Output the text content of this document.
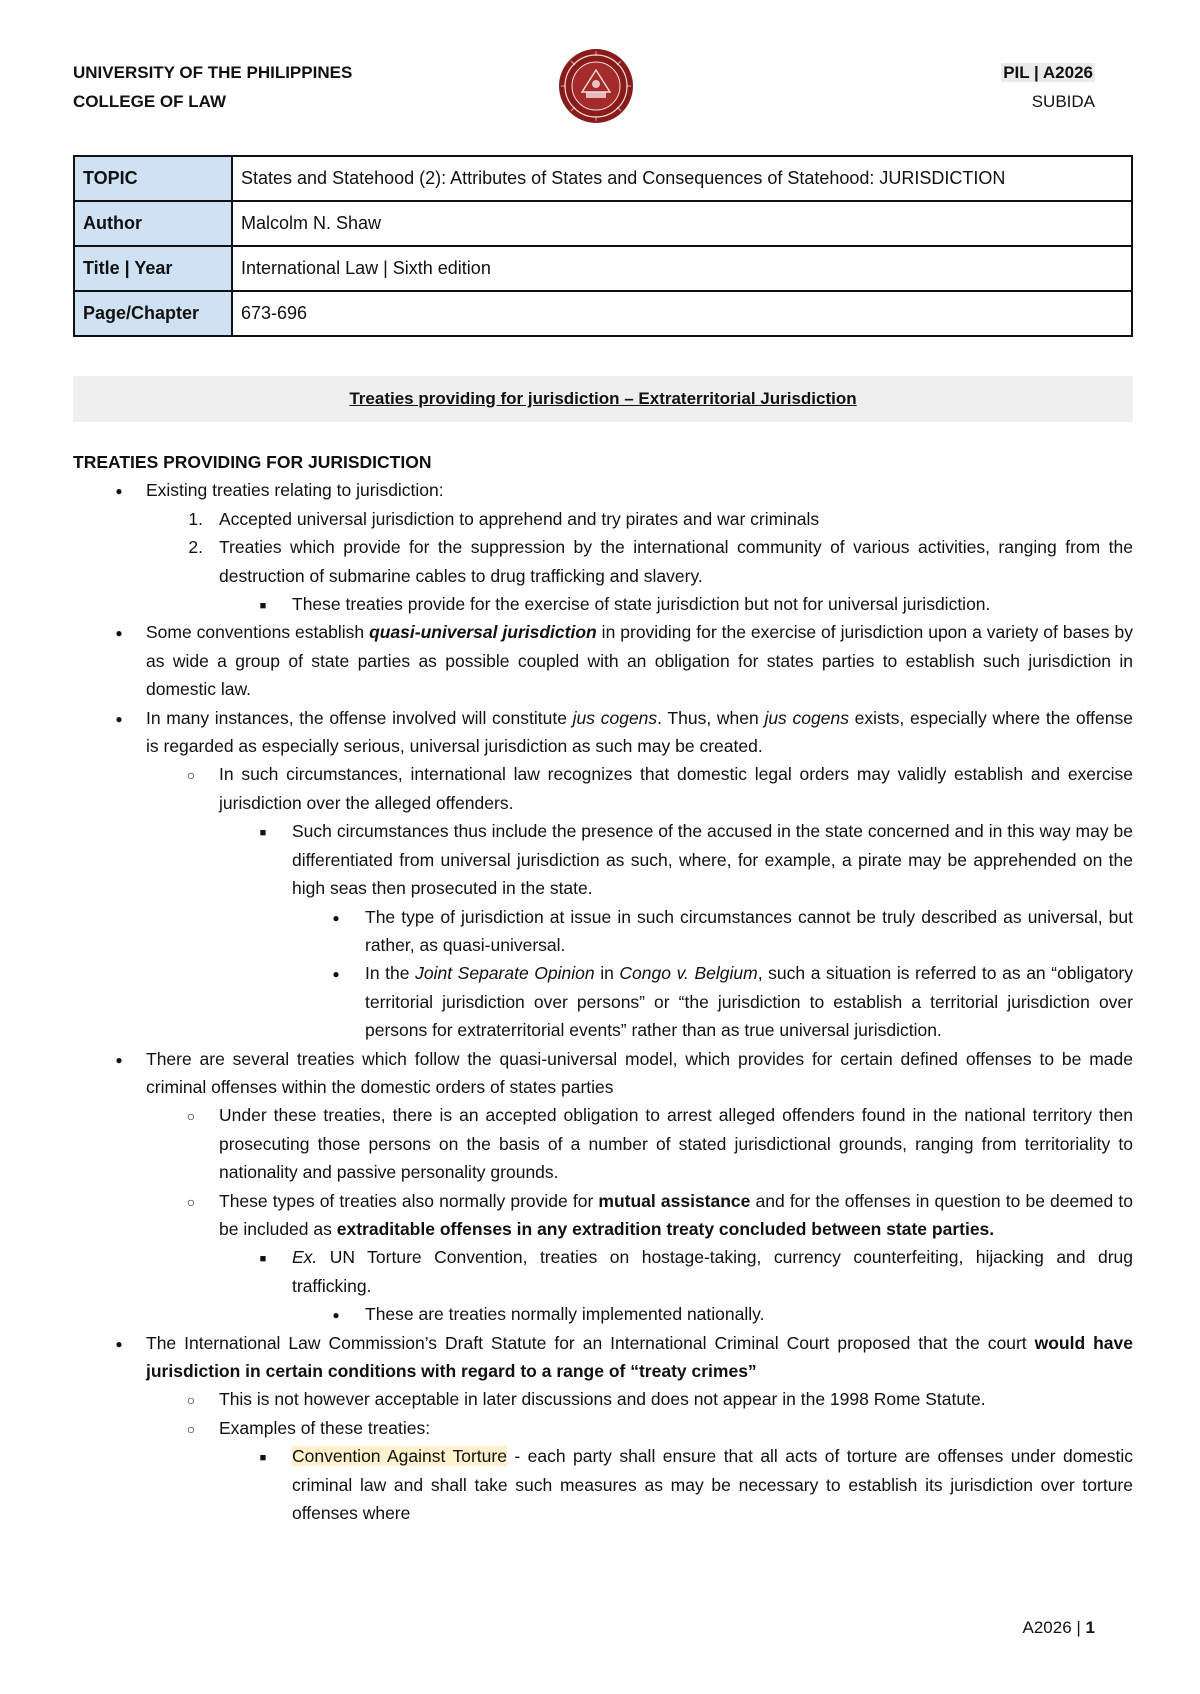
UNIVERSITY OF THE PHILIPPINES
COLLEGE OF LAW
PIL | A2026
SUBIDA
TOPIC	States and Statehood (2): Attributes of States and Consequences of Statehood: JURISDICTION
Author	Malcolm N. Shaw
Title | Year	International Law | Sixth edition
Page/Chapter	673-696
Treaties providing for jurisdiction – Extraterritorial Jurisdiction
TREATIES PROVIDING FOR JURISDICTION
●
Existing treaties relating to jurisdiction:
1. Accepted universal jurisdiction to apprehend and try pirates and war criminals
2. Treaties which provide for the suppression by the international community of various activities, ranging from the destruction of submarine cables to drug trafficking and slavery.
■
These treaties provide for the exercise of state jurisdiction but not for universal jurisdiction.
●
Some conventions establish quasi-universal jurisdiction in providing for the exercise of jurisdiction upon a variety of bases by as wide a group of state parties as possible coupled with an obligation for states parties to establish such jurisdiction in domestic law.
●
In many instances, the offense involved will constitute jus cogens. Thus, when jus cogens exists, especially where the offense is regarded as especially serious, universal jurisdiction as such may be created.
○
In such circumstances, international law recognizes that domestic legal orders may validly establish and exercise jurisdiction over the alleged offenders.
■
Such circumstances thus include the presence of the accused in the state concerned and in this way may be differentiated from universal jurisdiction as such, where, for example, a pirate may be apprehended on the high seas then prosecuted in the state.
●
The type of jurisdiction at issue in such circumstances cannot be truly described as universal, but rather, as quasi-universal.
●
In the Joint Separate Opinion in Congo v. Belgium, such a situation is referred to as an “obligatory territorial jurisdiction over persons” or “the jurisdiction to establish a territorial jurisdiction over persons for extraterritorial events” rather than as true universal jurisdiction.
●
There are several treaties which follow the quasi-universal model, which provides for certain defined offenses to be made criminal offenses within the domestic orders of states parties
○
Under these treaties, there is an accepted obligation to arrest alleged offenders found in the national territory then prosecuting those persons on the basis of a number of stated jurisdictional grounds, ranging from territoriality to nationality and passive personality grounds.
○
These types of treaties also normally provide for mutual assistance and for the offenses in question to be deemed to be included as extraditable offenses in any extradition treaty concluded between state parties.
■
Ex. UN Torture Convention, treaties on hostage-taking, currency counterfeiting, hijacking and drug trafficking.
●
These are treaties normally implemented nationally.
●
The International Law Commission’s Draft Statute for an International Criminal Court proposed that the court would have jurisdiction in certain conditions with regard to a range of “treaty crimes”
○
This is not however acceptable in later discussions and does not appear in the 1998 Rome Statute.
○
Examples of these treaties:
■
Convention Against Torture - each party shall ensure that all acts of torture are offenses under domestic criminal law and shall take such measures as may be necessary to establish its jurisdiction over torture offenses where
A2026 | 1
